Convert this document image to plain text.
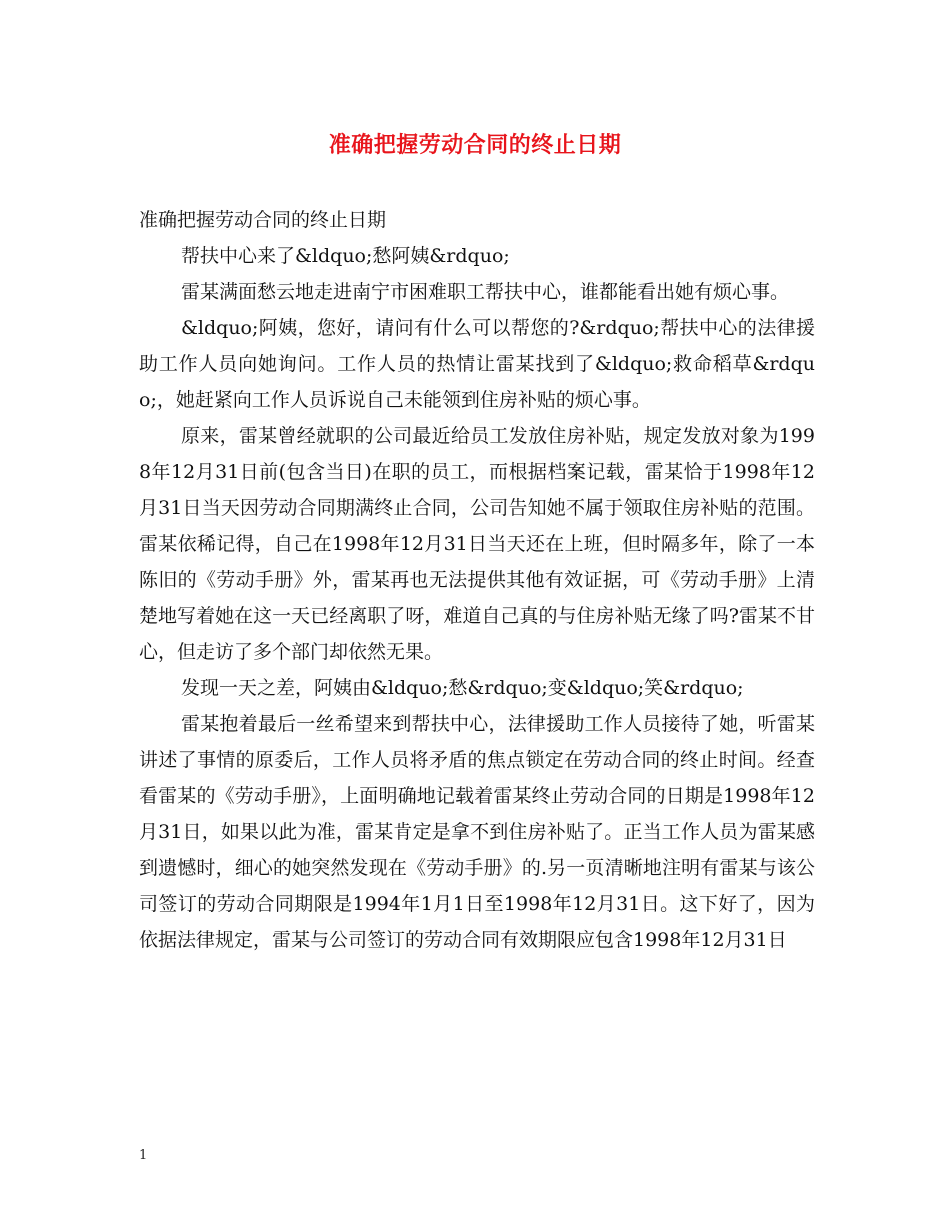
准确把握劳动合同的终止日期

准确把握劳动合同的终止日期

帮扶中心来了&ldquo;愁阿姨&rdquo;

雷某满面愁云地走进南宁市困难职工帮扶中心，谁都能看出她有烦心事。

&ldquo;阿姨，您好，请问有什么可以帮您的?&rdquo;帮扶中心的法律援助工作人员向她询问。工作人员的热情让雷某找到了&ldquo;救命稻草&rdquo;，她赶紧向工作人员诉说自己未能领到住房补贴的烦心事。

原来，雷某曾经就职的公司最近给员工发放住房补贴，规定发放对象为1998年12月31日前(包含当日)在职的员工，而根据档案记载，雷某恰于1998年12月31日当天因劳动合同期满终止合同，公司告知她不属于领取住房补贴的范围。雷某依稀记得，自己在1998年12月31日当天还在上班，但时隔多年，除了一本陈旧的《劳动手册》外，雷某再也无法提供其他有效证据，可《劳动手册》上清楚地写着她在这一天已经离职了呀，难道自己真的与住房补贴无缘了吗?雷某不甘心，但走访了多个部门却依然无果。

发现一天之差，阿姨由&ldquo;愁&rdquo;变&ldquo;笑&rdquo;

雷某抱着最后一丝希望来到帮扶中心，法律援助工作人员接待了她，听雷某讲述了事情的原委后，工作人员将矛盾的焦点锁定在劳动合同的终止时间。经查看雷某的《劳动手册》，上面明确地记载着雷某终止劳动合同的日期是1998年12月31日，如果以此为准，雷某肯定是拿不到住房补贴了。正当工作人员为雷某感到遗憾时，细心的她突然发现在《劳动手册》的.另一页清晰地注明有雷某与该公司签订的劳动合同期限是1994年1月1日至1998年12月31日。这下好了，因为依据法律规定，雷某与公司签订的劳动合同有效期限应包含1998年12月31日

1
